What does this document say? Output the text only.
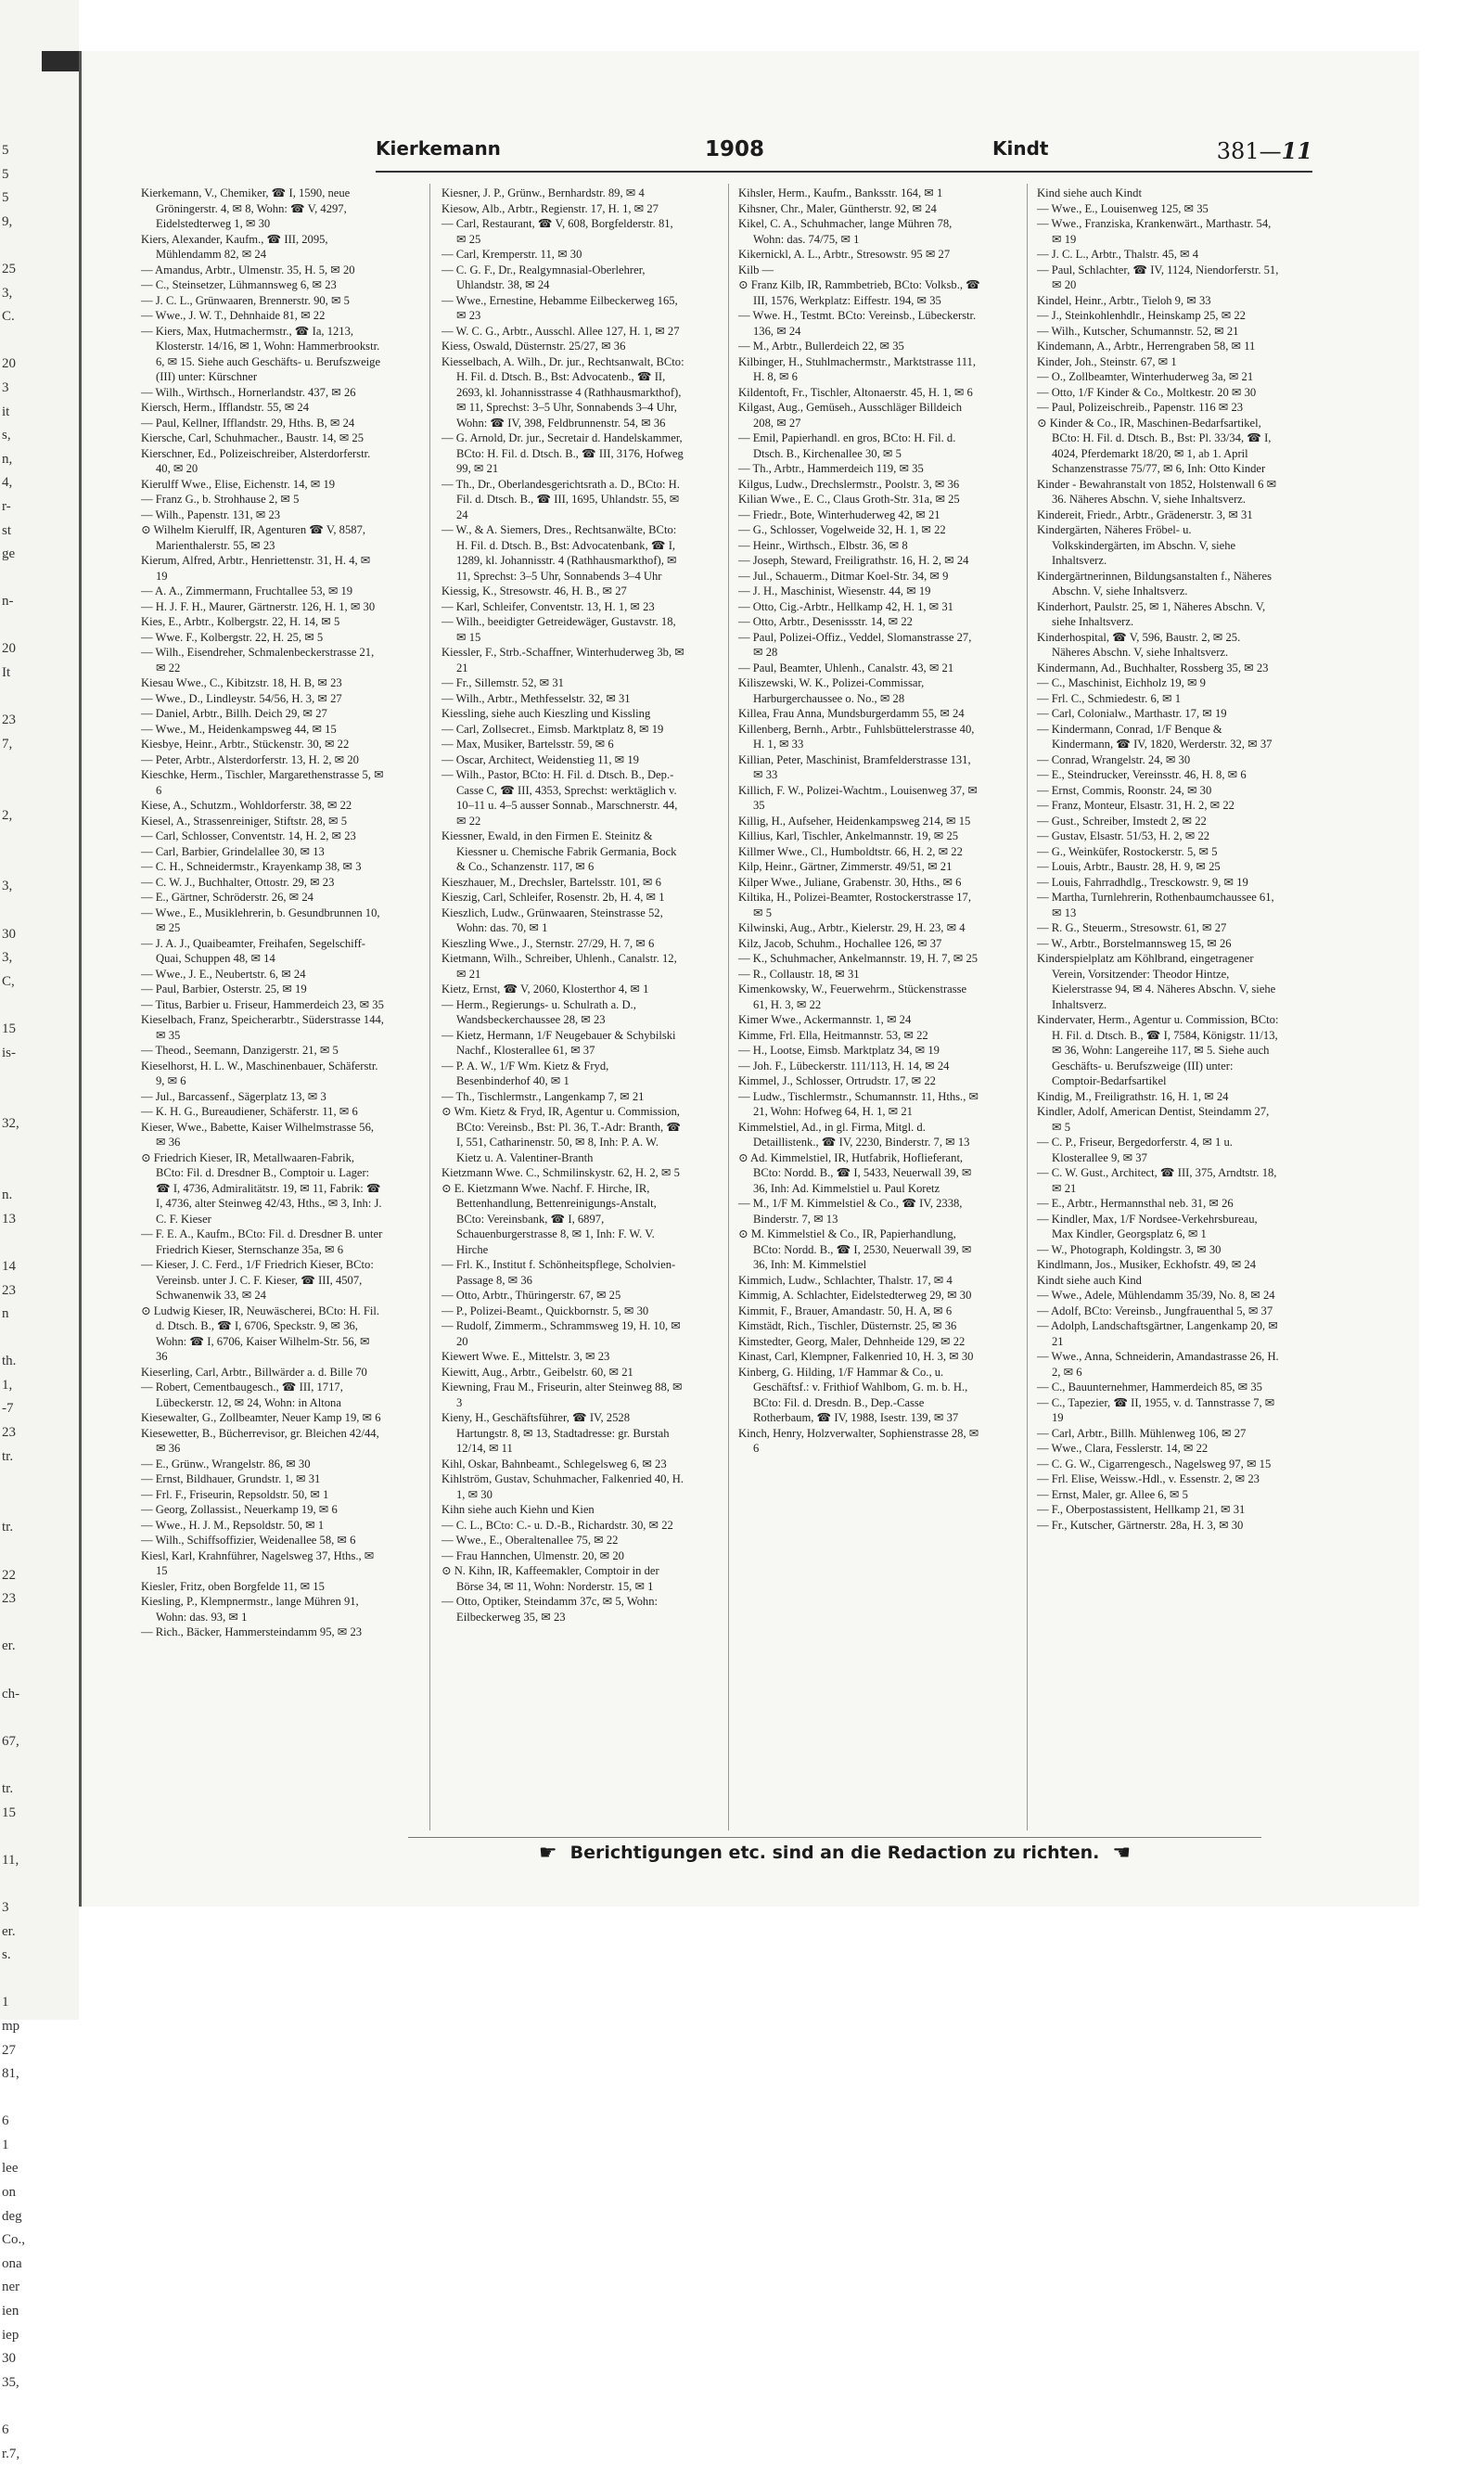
5
5
5
9,

25
3,
C.

20
3
it
s,
n,
4,
r-
st
ge

n-

20
It

23
7,

2,

3,

30
3,
C,

15
is-

32,

n.
13

14
23
n

th.
1,
-7
23
tr.

tr.

22
23

er.

ch-

67,

tr.
15

11,

3
er.
s.

1
mp
27
81,

6
1
lee
on
deg
Co.,
ona
ner
ien
iep
30
35,

6
r.7,
Kierkemann	1908	Kindt	381—11

Kierkemann, V., Chemiker, ☎ I, 1590, neue Gröningerstr. 4, ✉ 8, Wohn: ☎ V, 4297, Eidelstedterweg 1, ✉ 30

Kiers, Alexander, Kaufm., ☎ III, 2095, Mühlendamm 82, ✉ 24

— Amandus, Arbtr., Ulmenstr. 35, H. 5, ✉ 20

— C., Steinsetzer, Lühmannsweg 6, ✉ 23

— J. C. L., Grünwaaren, Brennerstr. 90, ✉ 5

— Wwe., J. W. T., Dehnhaide 81, ✉ 22

— Kiers, Max, Hutmachermstr., ☎ Ia, 1213, Klosterstr. 14/16, ✉ 1, Wohn: Hammerbrookstr. 6, ✉ 15. Siehe auch Geschäfts- u. Berufszweige (III) unter: Kürschner

— Wilh., Wirthsch., Hornerlandstr. 437, ✉ 26

Kiersch, Herm., Ifflandstr. 55, ✉ 24

— Paul, Kellner, Ifflandstr. 29, Hths. B, ✉ 24

Kiersche, Carl, Schuhmacher., Baustr. 14, ✉ 25

Kierschner, Ed., Polizeischreiber, Alsterdorferstr. 40, ✉ 20

Kierulff Wwe., Elise, Eichenstr. 14, ✉ 19

— Franz G., b. Strohhause 2, ✉ 5

— Wilh., Papenstr. 131, ✉ 23

⊙ Wilhelm Kierulff, IR, Agenturen ☎ V, 8587, Marienthalerstr. 55, ✉ 23

Kierum, Alfred, Arbtr., Henriettenstr. 31, H. 4, ✉ 19

— A. A., Zimmermann, Fruchtallee 53, ✉ 19

— H. J. F. H., Maurer, Gärtnerstr. 126, H. 1, ✉ 30

Kies, E., Arbtr., Kolbergstr. 22, H. 14, ✉ 5

— Wwe. F., Kolbergstr. 22, H. 25, ✉ 5

— Wilh., Eisendreher, Schmalenbeckerstrasse 21, ✉ 22

Kiesau Wwe., C., Kibitzstr. 18, H. B, ✉ 23

— Wwe., D., Lindleystr. 54/56, H. 3, ✉ 27

— Daniel, Arbtr., Billh. Deich 29, ✉ 27

— Wwe., M., Heidenkampsweg 44, ✉ 15

Kiesbye, Heinr., Arbtr., Stückenstr. 30, ✉ 22

— Peter, Arbtr., Alsterdorferstr. 13, H. 2, ✉ 20

Kieschke, Herm., Tischler, Margarethenstrasse 5, ✉ 6

Kiese, A., Schutzm., Wohldorferstr. 38, ✉ 22

Kiesel, A., Strassenreiniger, Stiftstr. 28, ✉ 5

— Carl, Schlosser, Conventstr. 14, H. 2, ✉ 23

— Carl, Barbier, Grindelallee 30, ✉ 13

— C. H., Schneidermstr., Krayenkamp 38, ✉ 3

— C. W. J., Buchhalter, Ottostr. 29, ✉ 23

— E., Gärtner, Schröderstr. 26, ✉ 24

— Wwe., E., Musiklehrerin, b. Gesundbrunnen 10, ✉ 25

— J. A. J., Quaibeamter, Freihafen, Segelschiff-Quai, Schuppen 48, ✉ 14

— Wwe., J. E., Neubertstr. 6, ✉ 24

— Paul, Barbier, Osterstr. 25, ✉ 19

— Titus, Barbier u. Friseur, Hammerdeich 23, ✉ 35

Kieselbach, Franz, Speicherarbtr., Süderstrasse 144, ✉ 35

— Theod., Seemann, Danzigerstr. 21, ✉ 5

Kieselhorst, H. L. W., Maschinenbauer, Schäferstr. 9, ✉ 6

— Jul., Barcassenf., Sägerplatz 13, ✉ 3

— K. H. G., Bureaudiener, Schäferstr. 11, ✉ 6

Kieser, Wwe., Babette, Kaiser Wilhelmstrasse 56, ✉ 36

⊙ Friedrich Kieser, IR, Metallwaaren-Fabrik, BCto: Fil. d. Dresdner B., Comptoir u. Lager: ☎ I, 4736, Admiralitätstr. 19, ✉ 11, Fabrik: ☎ I, 4736, alter Steinweg 42/43, Hths., ✉ 3, Inh: J. C. F. Kieser

— F. E. A., Kaufm., BCto: Fil. d. Dresdner B. unter Friedrich Kieser, Sternschanze 35a, ✉ 6

— Kieser, J. C. Ferd., 1/F Friedrich Kieser, BCto: Vereinsb. unter J. C. F. Kieser, ☎ III, 4507, Schwanenwik 33, ✉ 24

⊙ Ludwig Kieser, IR, Neuwäscherei, BCto: H. Fil. d. Dtsch. B., ☎ I, 6706, Speckstr. 9, ✉ 36, Wohn: ☎ I, 6706, Kaiser Wilhelm-Str. 56, ✉ 36

Kieserling, Carl, Arbtr., Billwärder a. d. Bille 70

— Robert, Cementbaugesch., ☎ III, 1717, Lübeckerstr. 12, ✉ 24, Wohn: in Altona

Kiesewalter, G., Zollbeamter, Neuer Kamp 19, ✉ 6

Kiesewetter, B., Bücherrevisor, gr. Bleichen 42/44, ✉ 36

— E., Grünw., Wrangelstr. 86, ✉ 30

— Ernst, Bildhauer, Grundstr. 1, ✉ 31

— Frl. F., Friseurin, Repsoldstr. 50, ✉ 1

— Georg, Zollassist., Neuerkamp 19, ✉ 6

— Wwe., H. J. M., Repsoldstr. 50, ✉ 1

— Wilh., Schiffsoffizier, Weidenallee 58, ✉ 6

Kiesl, Karl, Krahnführer, Nagelsweg 37, Hths., ✉ 15

Kiesler, Fritz, oben Borgfelde 11, ✉ 15

Kiesling, P., Klempnermstr., lange Mühren 91, Wohn: das. 93, ✉ 1

— Rich., Bäcker, Hammersteindamm 95, ✉ 23

Kiesner, J. P., Grünw., Bernhardstr. 89, ✉ 4

Kiesow, Alb., Arbtr., Regienstr. 17, H. 1, ✉ 27

— Carl, Restaurant, ☎ V, 608, Borgfelderstr. 81, ✉ 25

— Carl, Kremperstr. 11, ✉ 30

— C. G. F., Dr., Realgymnasial-Oberlehrer, Uhlandstr. 38, ✉ 24

— Wwe., Ernestine, Hebamme Eilbeckerweg 165, ✉ 23

— W. C. G., Arbtr., Ausschl. Allee 127, H. 1, ✉ 27

Kiess, Oswald, Düsternstr. 25/27, ✉ 36

Kiesselbach, A. Wilh., Dr. jur., Rechtsanwalt, BCto: H. Fil. d. Dtsch. B., Bst: Advocatenb., ☎ II, 2693, kl. Johannisstrasse 4 (Rathhausmarkthof), ✉ 11, Sprechst: 3–5 Uhr, Sonnabends 3–4 Uhr, Wohn: ☎ IV, 398, Feldbrunnenstr. 54, ✉ 36

— G. Arnold, Dr. jur., Secretair d. Handelskammer, BCto: H. Fil. d. Dtsch. B., ☎ III, 3176, Hofweg 99, ✉ 21

— Th., Dr., Oberlandesgerichtsrath a. D., BCto: H. Fil. d. Dtsch. B., ☎ III, 1695, Uhlandstr. 55, ✉ 24

— W., & A. Siemers, Dres., Rechtsanwälte, BCto: H. Fil. d. Dtsch. B., Bst: Advocatenbank, ☎ I, 1289, kl. Johannisstr. 4 (Rathhausmarkthof), ✉ 11, Sprechst: 3–5 Uhr, Sonnabends 3–4 Uhr

Kiessig, K., Stresowstr. 46, H. B., ✉ 27

— Karl, Schleifer, Conventstr. 13, H. 1, ✉ 23

— Wilh., beeidigter Getreidewäger, Gustavstr. 18, ✉ 15

Kiessler, F., Strb.-Schaffner, Winterhuderweg 3b, ✉ 21

— Fr., Sillemstr. 52, ✉ 31

— Wilh., Arbtr., Methfesselstr. 32, ✉ 31

Kiessling, siehe auch Kieszling und Kissling

— Carl, Zollsecret., Eimsb. Marktplatz 8, ✉ 19

— Max, Musiker, Bartelsstr. 59, ✉ 6

— Oscar, Architect, Weidenstieg 11, ✉ 19

— Wilh., Pastor, BCto: H. Fil. d. Dtsch. B., Dep.-Casse C, ☎ III, 4353, Sprechst: werktäglich v. 10–11 u. 4–5 ausser Sonnab., Marschnerstr. 44, ✉ 22

Kiessner, Ewald, in den Firmen E. Steinitz & Kiessner u. Chemische Fabrik Germania, Bock & Co., Schanzenstr. 117, ✉ 6

Kieszhauer, M., Drechsler, Bartelsstr. 101, ✉ 6

Kieszig, Carl, Schleifer, Rosenstr. 2b, H. 4, ✉ 1

Kieszlich, Ludw., Grünwaaren, Steinstrasse 52, Wohn: das. 70, ✉ 1

Kieszling Wwe., J., Sternstr. 27/29, H. 7, ✉ 6

Kietmann, Wilh., Schreiber, Uhlenh., Canalstr. 12, ✉ 21

Kietz, Ernst, ☎ V, 2060, Klosterthor 4, ✉ 1

— Herm., Regierungs- u. Schulrath a. D., Wandsbeckerchaussee 28, ✉ 23

— Kietz, Hermann, 1/F Neugebauer & Schybilski Nachf., Klosterallee 61, ✉ 37

— P. A. W., 1/F Wm. Kietz & Fryd, Besenbinderhof 40, ✉ 1

— Th., Tischlermstr., Langenkamp 7, ✉ 21

⊙ Wm. Kietz & Fryd, IR, Agentur u. Commission, BCto: Vereinsb., Bst: Pl. 36, T.-Adr: Branth, ☎ I, 551, Catharinenstr. 50, ✉ 8, Inh: P. A. W. Kietz u. A. Valentiner-Branth

Kietzmann Wwe. C., Schmilinskystr. 62, H. 2, ✉ 5

⊙ E. Kietzmann Wwe. Nachf. F. Hirche, IR, Bettenhandlung, Bettenreinigungs-Anstalt, BCto: Vereinsbank, ☎ I, 6897, Schauenburgerstrasse 8, ✉ 1, Inh: F. W. V. Hirche

— Frl. K., Institut f. Schönheitspflege, Scholvien-Passage 8, ✉ 36

— Otto, Arbtr., Thüringerstr. 67, ✉ 25

— P., Polizei-Beamt., Quickbornstr. 5, ✉ 30

— Rudolf, Zimmerm., Schrammsweg 19, H. 10, ✉ 20

Kiewert Wwe. E., Mittelstr. 3, ✉ 23

Kiewitt, Aug., Arbtr., Geibelstr. 60, ✉ 21

Kiewning, Frau M., Friseurin, alter Steinweg 88, ✉ 3

Kieny, H., Geschäftsführer, ☎ IV, 2528 Hartungstr. 8, ✉ 13, Stadtadresse: gr. Burstah 12/14, ✉ 11

Kihl, Oskar, Bahnbeamt., Schlegelsweg 6, ✉ 23

Kihlström, Gustav, Schuhmacher, Falkenried 40, H. 1, ✉ 30

Kihn siehe auch Kiehn und Kien

— C. L., BCto: C.- u. D.-B., Richardstr. 30, ✉ 22

— Wwe., E., Oberaltenallee 75, ✉ 22

— Frau Hannchen, Ulmenstr. 20, ✉ 20

⊙ N. Kihn, IR, Kaffeemakler, Comptoir in der Börse 34, ✉ 11, Wohn: Norderstr. 15, ✉ 1

— Otto, Optiker, Steindamm 37c, ✉ 5, Wohn: Eilbeckerweg 35, ✉ 23

Kihsler, Herm., Kaufm., Banksstr. 164, ✉ 1

Kihsner, Chr., Maler, Güntherstr. 92, ✉ 24

Kikel, C. A., Schuhmacher, lange Mühren 78, Wohn: das. 74/75, ✉ 1

Kikernickl, A. L., Arbtr., Stresowstr. 95 ✉ 27

Kilb —

⊙ Franz Kilb, IR, Rammbetrieb, BCto: Volksb., ☎ III, 1576, Werkplatz: Eiffestr. 194, ✉ 35

— Wwe. H., Testmt. BCto: Vereinsb., Lübeckerstr. 136, ✉ 24

— M., Arbtr., Bullerdeich 22, ✉ 35

Kilbinger, H., Stuhlmachermstr., Marktstrasse 111, H. 8, ✉ 6

Kildentoft, Fr., Tischler, Altonaerstr. 45, H. 1, ✉ 6

Kilgast, Aug., Gemüseh., Ausschläger Billdeich 208, ✉ 27

— Emil, Papierhandl. en gros, BCto: H. Fil. d. Dtsch. B., Kirchenallee 30, ✉ 5

— Th., Arbtr., Hammerdeich 119, ✉ 35

Kilgus, Ludw., Drechslermstr., Poolstr. 3, ✉ 36

Kilian Wwe., E. C., Claus Groth-Str. 31a, ✉ 25

— Friedr., Bote, Winterhuderweg 42, ✉ 21

— G., Schlosser, Vogelweide 32, H. 1, ✉ 22

— Heinr., Wirthsch., Elbstr. 36, ✉ 8

— Joseph, Steward, Freiligrathstr. 16, H. 2, ✉ 24

— Jul., Schauerm., Ditmar Koel-Str. 34, ✉ 9

— J. H., Maschinist, Wiesenstr. 44, ✉ 19

— Otto, Cig.-Arbtr., Hellkamp 42, H. 1, ✉ 31

— Otto, Arbtr., Desenissstr. 14, ✉ 22

— Paul, Polizei-Offiz., Veddel, Slomanstrasse 27, ✉ 28

— Paul, Beamter, Uhlenh., Canalstr. 43, ✉ 21

Kiliszewski, W. K., Polizei-Commissar, Harburgerchaussee o. No., ✉ 28

Killea, Frau Anna, Mundsburgerdamm 55, ✉ 24

Killenberg, Bernh., Arbtr., Fuhlsbüttelerstrasse 40, H. 1, ✉ 33

Killian, Peter, Maschinist, Bramfelderstrasse 131, ✉ 33

Killich, F. W., Polizei-Wachtm., Louisenweg 37, ✉ 35

Killig, H., Aufseher, Heidenkampsweg 214, ✉ 15

Killius, Karl, Tischler, Ankelmannstr. 19, ✉ 25

Killmer Wwe., Cl., Humboldtstr. 66, H. 2, ✉ 22

Kilp, Heinr., Gärtner, Zimmerstr. 49/51, ✉ 21

Kilper Wwe., Juliane, Grabenstr. 30, Hths., ✉ 6

Kiltika, H., Polizei-Beamter, Rostockerstrasse 17, ✉ 5

Kilwinski, Aug., Arbtr., Kielerstr. 29, H. 23, ✉ 4

Kilz, Jacob, Schuhm., Hochallee 126, ✉ 37

— K., Schuhmacher, Ankelmannstr. 19, H. 7, ✉ 25

— R., Collaustr. 18, ✉ 31

Kimenkowsky, W., Feuerwehrm., Stückenstrasse 61, H. 3, ✉ 22

Kimer Wwe., Ackermannstr. 1, ✉ 24

Kimme, Frl. Ella, Heitmannstr. 53, ✉ 22

— H., Lootse, Eimsb. Marktplatz 34, ✉ 19

— Joh. F., Lübeckerstr. 111/113, H. 14, ✉ 24

Kimmel, J., Schlosser, Ortrudstr. 17, ✉ 22

— Ludw., Tischlermstr., Schumannstr. 11, Hths., ✉ 21, Wohn: Hofweg 64, H. 1, ✉ 21

Kimmelstiel, Ad., in gl. Firma, Mitgl. d. Detaillistenk., ☎ IV, 2230, Binderstr. 7, ✉ 13

⊙ Ad. Kimmelstiel, IR, Hutfabrik, Hoflieferant, BCto: Nordd. B., ☎ I, 5433, Neuerwall 39, ✉ 36, Inh: Ad. Kimmelstiel u. Paul Koretz

— M., 1/F M. Kimmelstiel & Co., ☎ IV, 2338, Binderstr. 7, ✉ 13

⊙ M. Kimmelstiel & Co., IR, Papierhandlung, BCto: Nordd. B., ☎ I, 2530, Neuerwall 39, ✉ 36, Inh: M. Kimmelstiel

Kimmich, Ludw., Schlachter, Thalstr. 17, ✉ 4

Kimmig, A. Schlachter, Eidelstedterweg 29, ✉ 30

Kimmit, F., Brauer, Amandastr. 50, H. A, ✉ 6

Kimstädt, Rich., Tischler, Düsternstr. 25, ✉ 36

Kimstedter, Georg, Maler, Dehnheide 129, ✉ 22

Kinast, Carl, Klempner, Falkenried 10, H. 3, ✉ 30

Kinberg, G. Hilding, 1/F Hammar & Co., u. Geschäftsf.: v. Frithiof Wahlbom, G. m. b. H., BCto: Fil. d. Dresdn. B., Dep.-Casse Rotherbaum, ☎ IV, 1988, Isestr. 139, ✉ 37

Kinch, Henry, Holzverwalter, Sophienstrasse 28, ✉ 6

Kind siehe auch Kindt

— Wwe., E., Louisenweg 125, ✉ 35

— Wwe., Franziska, Krankenwärt., Marthastr. 54, ✉ 19

— J. C. L., Arbtr., Thalstr. 45, ✉ 4

— Paul, Schlachter, ☎ IV, 1124, Niendorferstr. 51, ✉ 20

Kindel, Heinr., Arbtr., Tieloh 9, ✉ 33

— J., Steinkohlenhdlr., Heinskamp 25, ✉ 22

— Wilh., Kutscher, Schumannstr. 52, ✉ 21

Kindemann, A., Arbtr., Herrengraben 58, ✉ 11

Kinder, Joh., Steinstr. 67, ✉ 1

— O., Zollbeamter, Winterhuderweg 3a, ✉ 21

— Otto, 1/F Kinder & Co., Moltkestr. 20 ✉ 30

— Paul, Polizeischreib., Papenstr. 116 ✉ 23

⊙ Kinder & Co., IR, Maschinen-Bedarfsartikel, BCto: H. Fil. d. Dtsch. B., Bst: Pl. 33/34, ☎ I, 4024, Pferdemarkt 18/20, ✉ 1, ab 1. April Schanzenstrasse 75/77, ✉ 6, Inh: Otto Kinder

Kinder - Bewahranstalt von 1852, Holstenwall 6 ✉ 36. Näheres Abschn. V, siehe Inhaltsverz.

Kindereit, Friedr., Arbtr., Grädenerstr. 3, ✉ 31

Kindergärten, Näheres Fröbel- u. Volkskindergärten, im Abschn. V, siehe Inhaltsverz.

Kindergärtnerinnen, Bildungsanstalten f., Näheres Abschn. V, siehe Inhaltsverz.

Kinderhort, Paulstr. 25, ✉ 1, Näheres Abschn. V, siehe Inhaltsverz.

Kinderhospital, ☎ V, 596, Baustr. 2, ✉ 25. Näheres Abschn. V, siehe Inhaltsverz.

Kindermann, Ad., Buchhalter, Rossberg 35, ✉ 23

— C., Maschinist, Eichholz 19, ✉ 9

— Frl. C., Schmiedestr. 6, ✉ 1

— Carl, Colonialw., Marthastr. 17, ✉ 19

— Kindermann, Conrad, 1/F Benque & Kindermann, ☎ IV, 1820, Werderstr. 32, ✉ 37

— Conrad, Wrangelstr. 24, ✉ 30

— E., Steindrucker, Vereinsstr. 46, H. 8, ✉ 6

— Ernst, Commis, Roonstr. 24, ✉ 30

— Franz, Monteur, Elsastr. 31, H. 2, ✉ 22

— Gust., Schreiber, Imstedt 2, ✉ 22

— Gustav, Elsastr. 51/53, H. 2, ✉ 22

— G., Weinküfer, Rostockerstr. 5, ✉ 5

— Louis, Arbtr., Baustr. 28, H. 9, ✉ 25

— Louis, Fahrradhdlg., Tresckowstr. 9, ✉ 19

— Martha, Turnlehrerin, Rothenbaumchaussee 61, ✉ 13

— R. G., Steuerm., Stresowstr. 61, ✉ 27

— W., Arbtr., Borstelmannsweg 15, ✉ 26

Kinderspielplatz am Köhlbrand, eingetragener Verein, Vorsitzender: Theodor Hintze, Kielerstrasse 94, ✉ 4. Näheres Abschn. V, siehe Inhaltsverz.

Kindervater, Herm., Agentur u. Commission, BCto: H. Fil. d. Dtsch. B., ☎ I, 7584, Königstr. 11/13, ✉ 36, Wohn: Langereihe 117, ✉ 5. Siehe auch Geschäfts- u. Berufszweige (III) unter: Comptoir-Bedarfsartikel

Kindig, M., Freiligrathstr. 16, H. 1, ✉ 24

Kindler, Adolf, American Dentist, Steindamm 27, ✉ 5

— C. P., Friseur, Bergedorferstr. 4, ✉ 1 u. Klosterallee 9, ✉ 37

— C. W. Gust., Architect, ☎ III, 375, Arndtstr. 18, ✉ 21

— E., Arbtr., Hermannsthal neb. 31, ✉ 26

— Kindler, Max, 1/F Nordsee-Verkehrsbureau, Max Kindler, Georgsplatz 6, ✉ 1

— W., Photograph, Koldingstr. 3, ✉ 30

Kindlmann, Jos., Musiker, Eckhofstr. 49, ✉ 24

Kindt siehe auch Kind

— Wwe., Adele, Mühlendamm 35/39, No. 8, ✉ 24

— Adolf, BCto: Vereinsb., Jungfrauenthal 5, ✉ 37

— Adolph, Landschaftsgärtner, Langenkamp 20, ✉ 21

— Wwe., Anna, Schneiderin, Amandastrasse 26, H. 2, ✉ 6

— C., Bauunternehmer, Hammerdeich 85, ✉ 35

— C., Tapezier, ☎ II, 1955, v. d. Tannstrasse 7, ✉ 19

— Carl, Arbtr., Billh. Mühlenweg 106, ✉ 27

— Wwe., Clara, Fesslerstr. 14, ✉ 22

— C. G. W., Cigarrengesch., Nagelsweg 97, ✉ 15

— Frl. Elise, Weissw.-Hdl., v. Essenstr. 2, ✉ 23

— Ernst, Maler, gr. Allee 6, ✉ 5

— F., Oberpostassistent, Hellkamp 21, ✉ 31

— Fr., Kutscher, Gärtnerstr. 28a, H. 3, ✉ 30

☛ Berichtigungen etc. sind an die Redaction zu richten. ☚
